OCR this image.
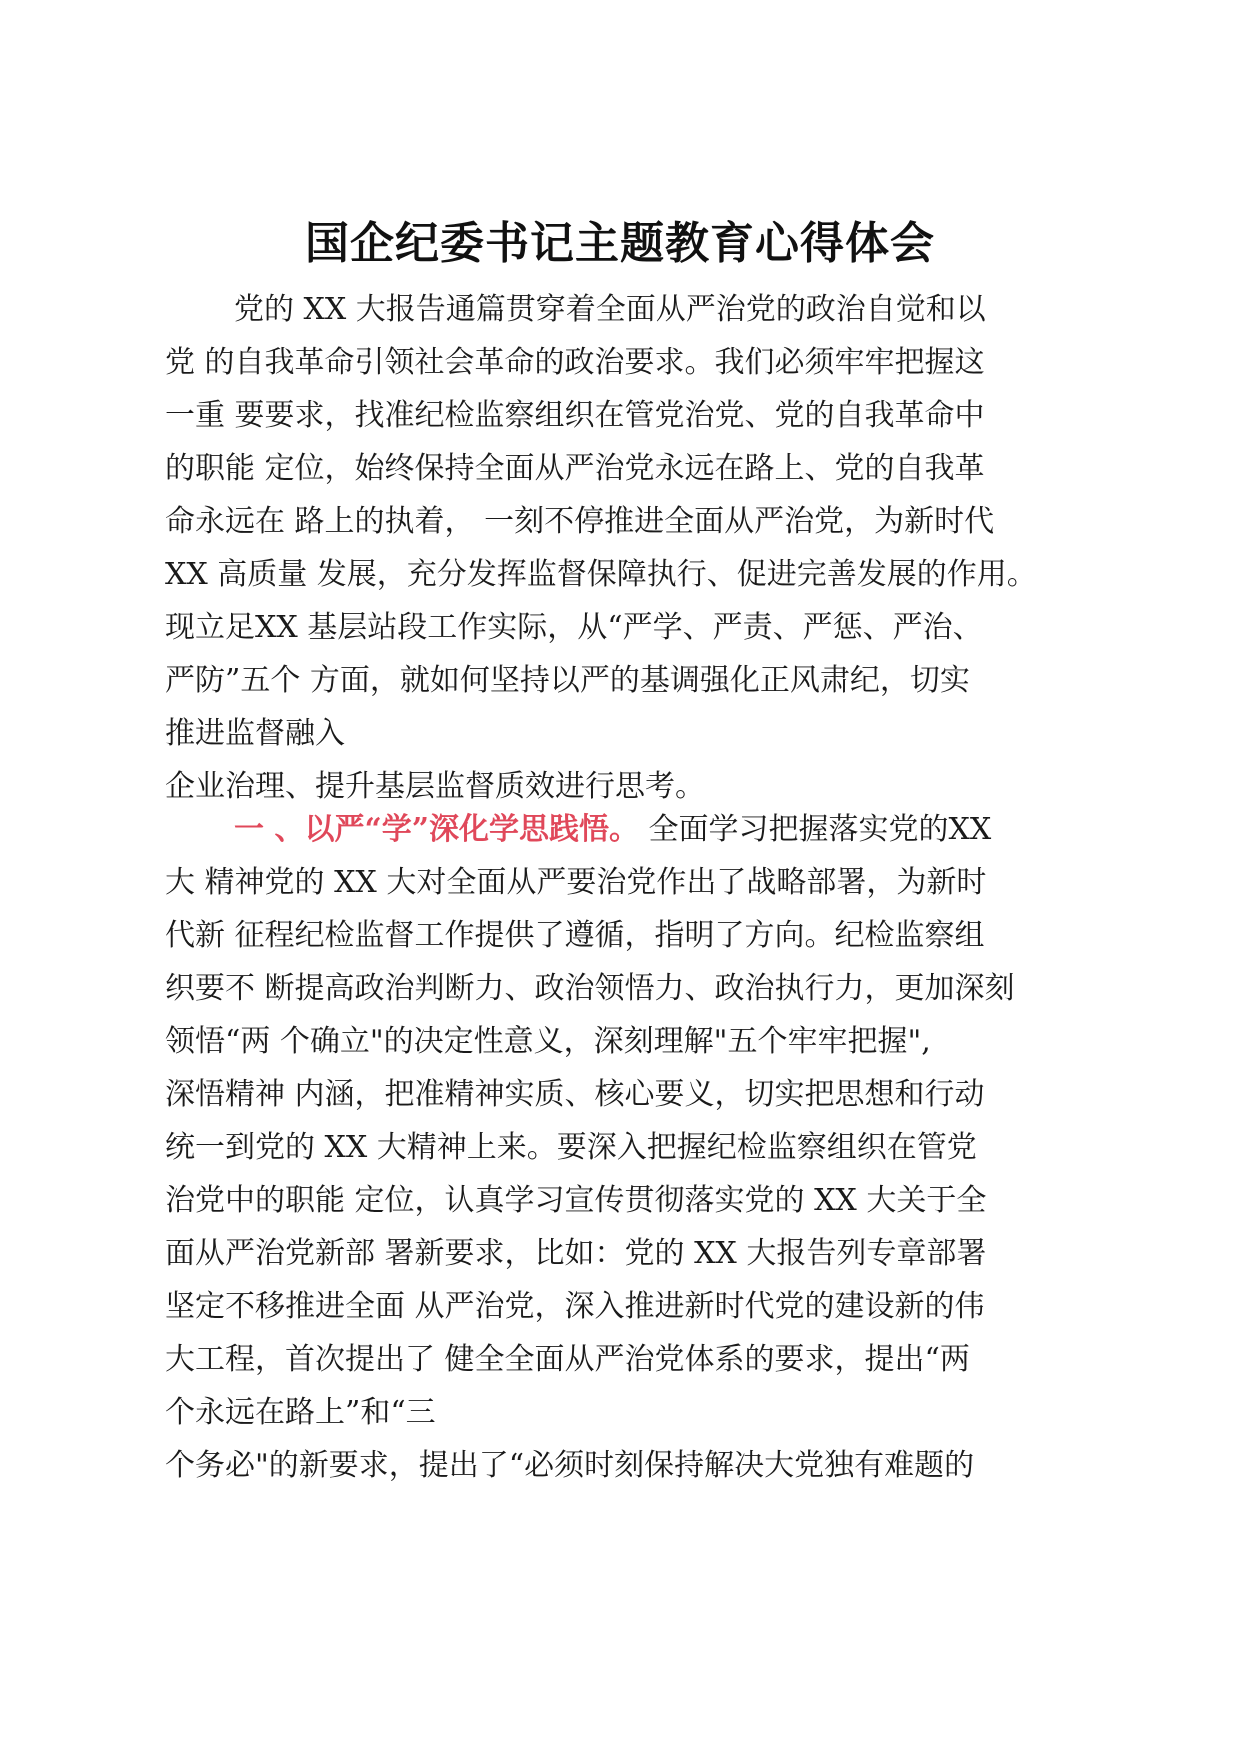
国企纪委书记主题教育心得体会
党的 XX 大报告通篇贯穿着全面从严治党的政治自觉和以
党 的自我革命引领社会革命的政治要求。我们必须牢牢把握这
一重 要要求，找准纪检监察组织在管党治党、党的自我革命中
的职能 定位，始终保持全面从严治党永远在路上、党的自我革
命永远在 路上的执着， 一刻不停推进全面从严治党，为新时代
XX 高质量 发展，充分发挥监督保障执行、促进完善发展的作用。
现立足XX 基层站段工作实际，从“严学、严责、严惩、严治、
严防”五个 方面，就如何坚持以严的基调强化正风肃纪，切实
推进监督融入
企业治理、提升基层监督质效进行思考。
一 、以严“学”深化学思践悟。 全面学习把握落实党的XX
大 精神党的 XX 大对全面从严要治党作出了战略部署，为新时
代新 征程纪检监督工作提供了遵循，指明了方向。纪检监察组
织要不 断提高政治判断力、政治领悟力、政治执行力，更加深刻
领悟“两 个确立"的决定性意义，深刻理解"五个牢牢把握",
深悟精神 内涵，把准精神实质、核心要义，切实把思想和行动
统一到党的 XX 大精神上来。要深入把握纪检监察组织在管党
治党中的职能 定位，认真学习宣传贯彻落实党的 XX 大关于全
面从严治党新部 署新要求，比如：党的 XX 大报告列专章部署
坚定不移推进全面 从严治党，深入推进新时代党的建设新的伟
大工程，首次提出了 健全全面从严治党体系的要求，提出“两
个永远在路上”和“三
个务必"的新要求，提出了“必须时刻保持解决大党独有难题的
